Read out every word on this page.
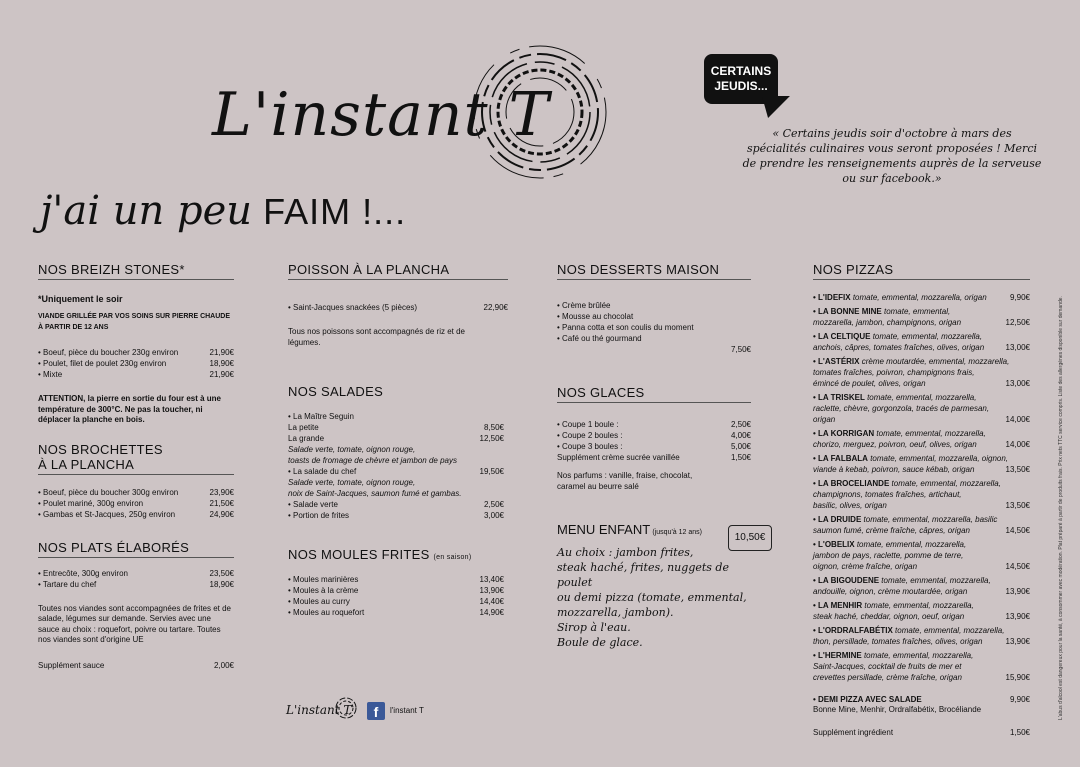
L'instant T
j'ai un peu FAIM !...
CERTAINS
JEUDIS...
« Certains jeudis soir d'octobre à mars des spécialités culinaires vous seront proposées ! Merci de prendre les renseignements auprès de la serveuse ou sur facebook.»
L'abus d'alcool est dangereux pour la santé, à consommer avec modération. Plat préparé à partir de produits frais. Prix nets TTC service compris. Liste des allergènes disponible sur demande.
NOS BREIZH STONES*
*Uniquement le soir
VIANDE GRILLÉE PAR VOS SOINS SUR PIERRE CHAUDE À PARTIR DE 12 ANS
• Boeuf, pièce du boucher 230g environ	21,90€
• Poulet, filet de poulet 230g environ	18,90€
• Mixte	21,90€
ATTENTION, la pierre en sortie du four est à une température de 300°C. Ne pas la toucher, ni déplacer la planche en bois.
NOS BROCHETTES
À LA PLANCHA
• Boeuf, pièce du boucher 300g environ	23,90€
• Poulet mariné, 300g environ	21,50€
• Gambas et St-Jacques, 250g environ	24,90€
NOS PLATS ÉLABORÉS
• Entrecôte, 300g environ	23,50€
• Tartare du chef	18,90€
Toutes nos viandes sont accompagnées de frites et de salade, légumes sur demande. Servies avec une sauce au choix : roquefort, poivre ou tartare. Toutes nos viandes sont d'origine UE
Supplément sauce	2,00€
POISSON À LA PLANCHA
• Saint-Jacques snackées (5 pièces)	22,90€
Tous nos poissons sont accompagnés de riz et de légumes.
NOS SALADES
• La Maître Seguin
La petite	8,50€
La grande	12,50€
Salade verte, tomate, oignon rouge,
toasts de fromage de chèvre et jambon de pays
• La salade du chef	19,50€
Salade verte, tomate, oignon rouge,
noix de Saint-Jacques, saumon fumé et gambas.
• Salade verte	2,50€
• Portion de frites	3,00€
NOS MOULES FRITES (en saison)
• Moules marinières	13,40€
• Moules à la crème	13,90€
• Moules au curry	14,40€
• Moules au roquefort	14,90€
L'instant T	f	l'instant T
NOS DESSERTS MAISON
• Crème brûlée
• Mousse au chocolat
• Panna cotta et son coulis du moment
• Café ou thé gourmand
7,50€
NOS GLACES
• Coupe 1 boule :	2,50€
• Coupe 2 boules :	4,00€
• Coupe 3 boules :	5,00€
Supplément crème sucrée vanillée	1,50€
Nos parfums : vanille, fraise, chocolat, caramel au beurre salé
MENU ENFANT (jusqu'à 12 ans)
Au choix : jambon frites,
steak haché, frites, nuggets de poulet
ou demi pizza (tomate, emmental,
mozzarella, jambon).
Sirop à l'eau.
Boule de glace.
10,50€
NOS PIZZAS
• L'IDEFIX tomate, emmental, mozzarella, origan	9,90€
• LA BONNE MINE tomate, emmental,
mozzarella, jambon, champignons, origan	12,50€
• LA CELTIQUE tomate, emmental, mozzarella,
anchois, câpres, tomates fraîches, olives, origan	13,00€
• L'ASTÉRIX crème moutardée, emmental, mozzarella,
tomates fraîches, poivron, champignons frais,
émincé de poulet, olives, origan	13,00€
• LA TRISKEL tomate, emmental, mozzarella,
raclette, chèvre, gorgonzola, tracés de parmesan,
origan	14,00€
• LA KORRIGAN tomate, emmental, mozzarella,
chorizo, merguez, poivron, oeuf, olives, origan	14,00€
• LA FALBALA tomate, emmental, mozzarella, oignon,
viande à kebab, poivron, sauce kébab, origan	13,50€
• LA BROCELIANDE tomate, emmental, mozzarella,
champignons, tomates fraîches, artichaut,
basilic, olives, origan	13,50€
• LA DRUIDE tomate, emmental, mozzarella, basilic
saumon fumé, crème fraîche, câpres, origan	14,50€
• L'OBELIX tomate, emmental, mozzarella,
jambon de pays, raclette, pomme de terre,
oignon, crème fraîche, origan	14,50€
• LA BIGOUDENE tomate, emmental, mozzarella,
andouille, oignon, crème moutardée, origan	13,90€
• LA MENHIR tomate, emmental, mozzarella,
steak haché, cheddar, oignon, oeuf, origan	13,90€
• L'ORDRALFABÉTIX tomate, emmental, mozzarella,
thon, persillade, tomates fraîches, olives, origan	13,90€
• L'HERMINE tomate, emmental, mozzarella,
Saint-Jacques, cocktail de fruits de mer et
crevettes persillade, crème fraîche, origan	15,90€
• DEMI PIZZA AVEC SALADE	9,90€
Bonne Mine, Menhir, Ordralfabétix, Brocéliande
Supplément ingrédient	1,50€
